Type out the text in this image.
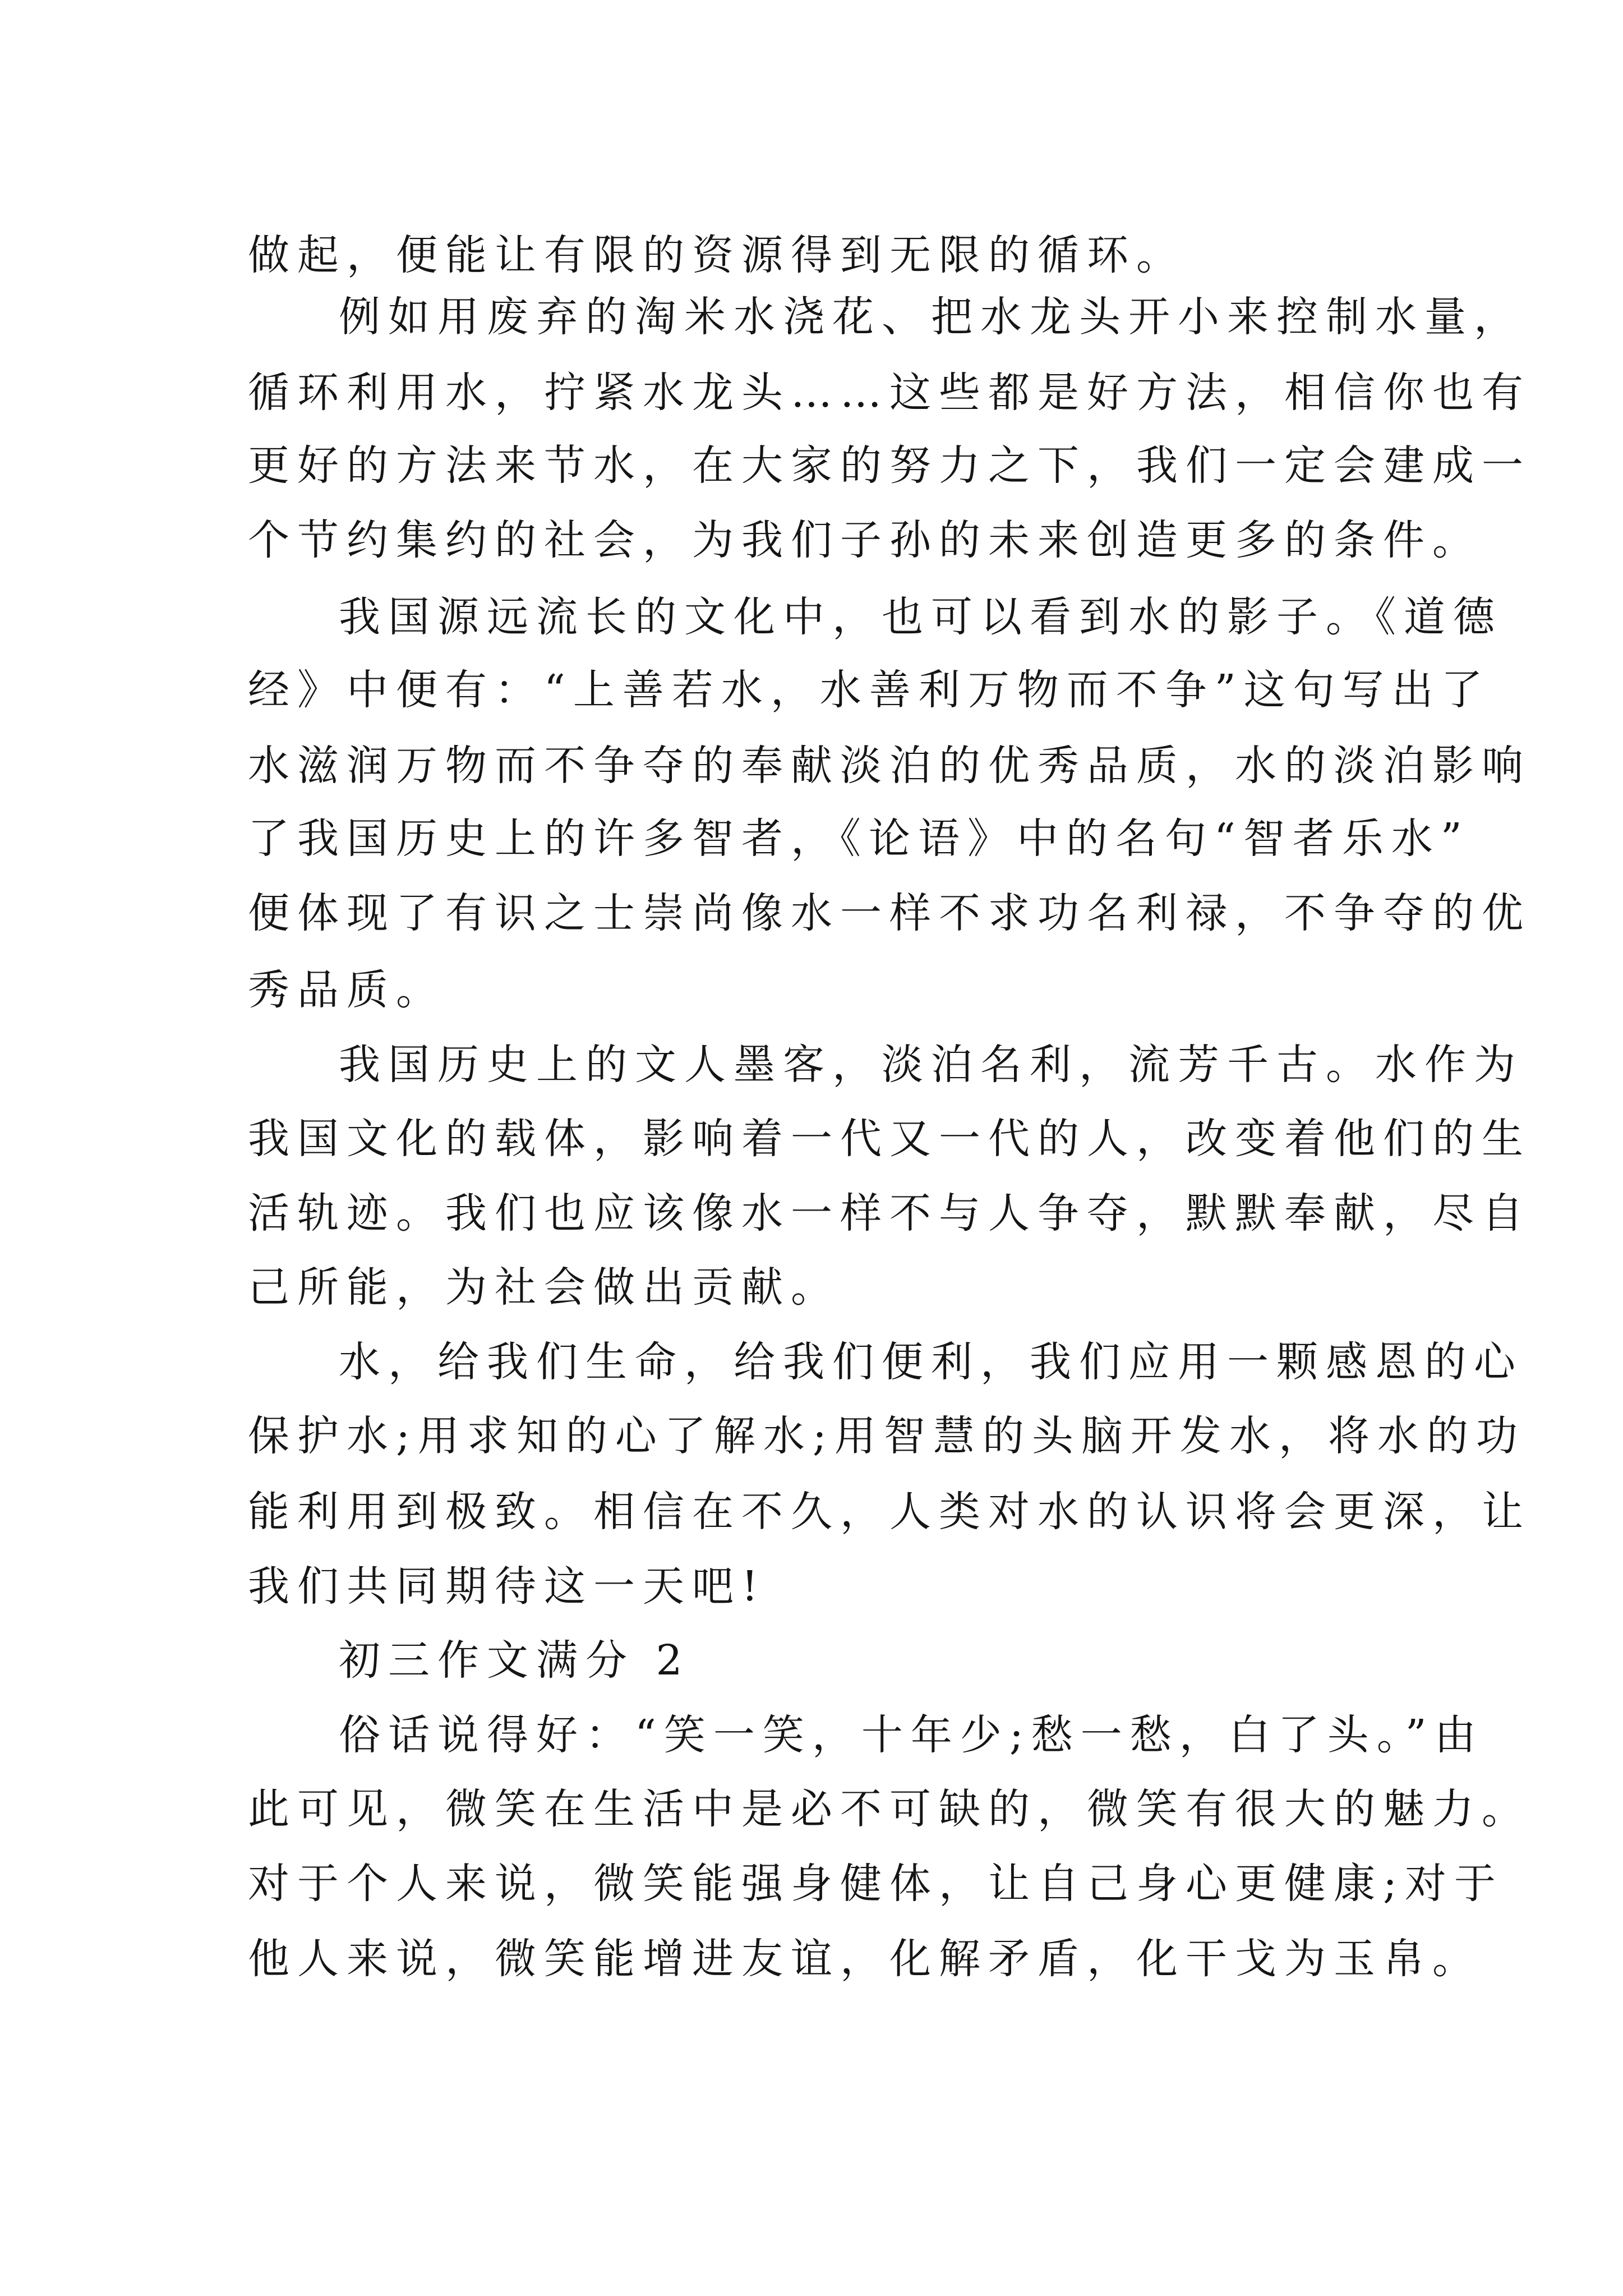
做起，便能让有限的资源得到无限的循环。

例如用废弃的淘米水浇花、把水龙头开小来控制水量，

循环利用水，拧紧水龙头……这些都是好方法，相信你也有

更好的方法来节水，在大家的努力之下，我们一定会建成一

个节约集约的社会，为我们子孙的未来创造更多的条件。

我国源远流长的文化中，也可以看到水的影子。《道德

经》中便有：“上善若水，水善利万物而不争”这句写出了

水滋润万物而不争夺的奉献淡泊的优秀品质，水的淡泊影响

了我国历史上的许多智者，《论语》中的名句“智者乐水”

便体现了有识之士崇尚像水一样不求功名利禄，不争夺的优

秀品质。

我国历史上的文人墨客，淡泊名利，流芳千古。水作为

我国文化的载体，影响着一代又一代的人，改变着他们的生

活轨迹。我们也应该像水一样不与人争夺，默默奉献，尽自

己所能，为社会做出贡献。

水，给我们生命，给我们便利，我们应用一颗感恩的心

保护水;用求知的心了解水;用智慧的头脑开发水，将水的功

能利用到极致。相信在不久，人类对水的认识将会更深，让

我们共同期待这一天吧!

初三作文满分 2

俗话说得好：“笑一笑，十年少;愁一愁，白了头。”由

此可见，微笑在生活中是必不可缺的，微笑有很大的魅力。

对于个人来说，微笑能强身健体，让自己身心更健康;对于

他人来说，微笑能增进友谊，化解矛盾，化干戈为玉帛。
